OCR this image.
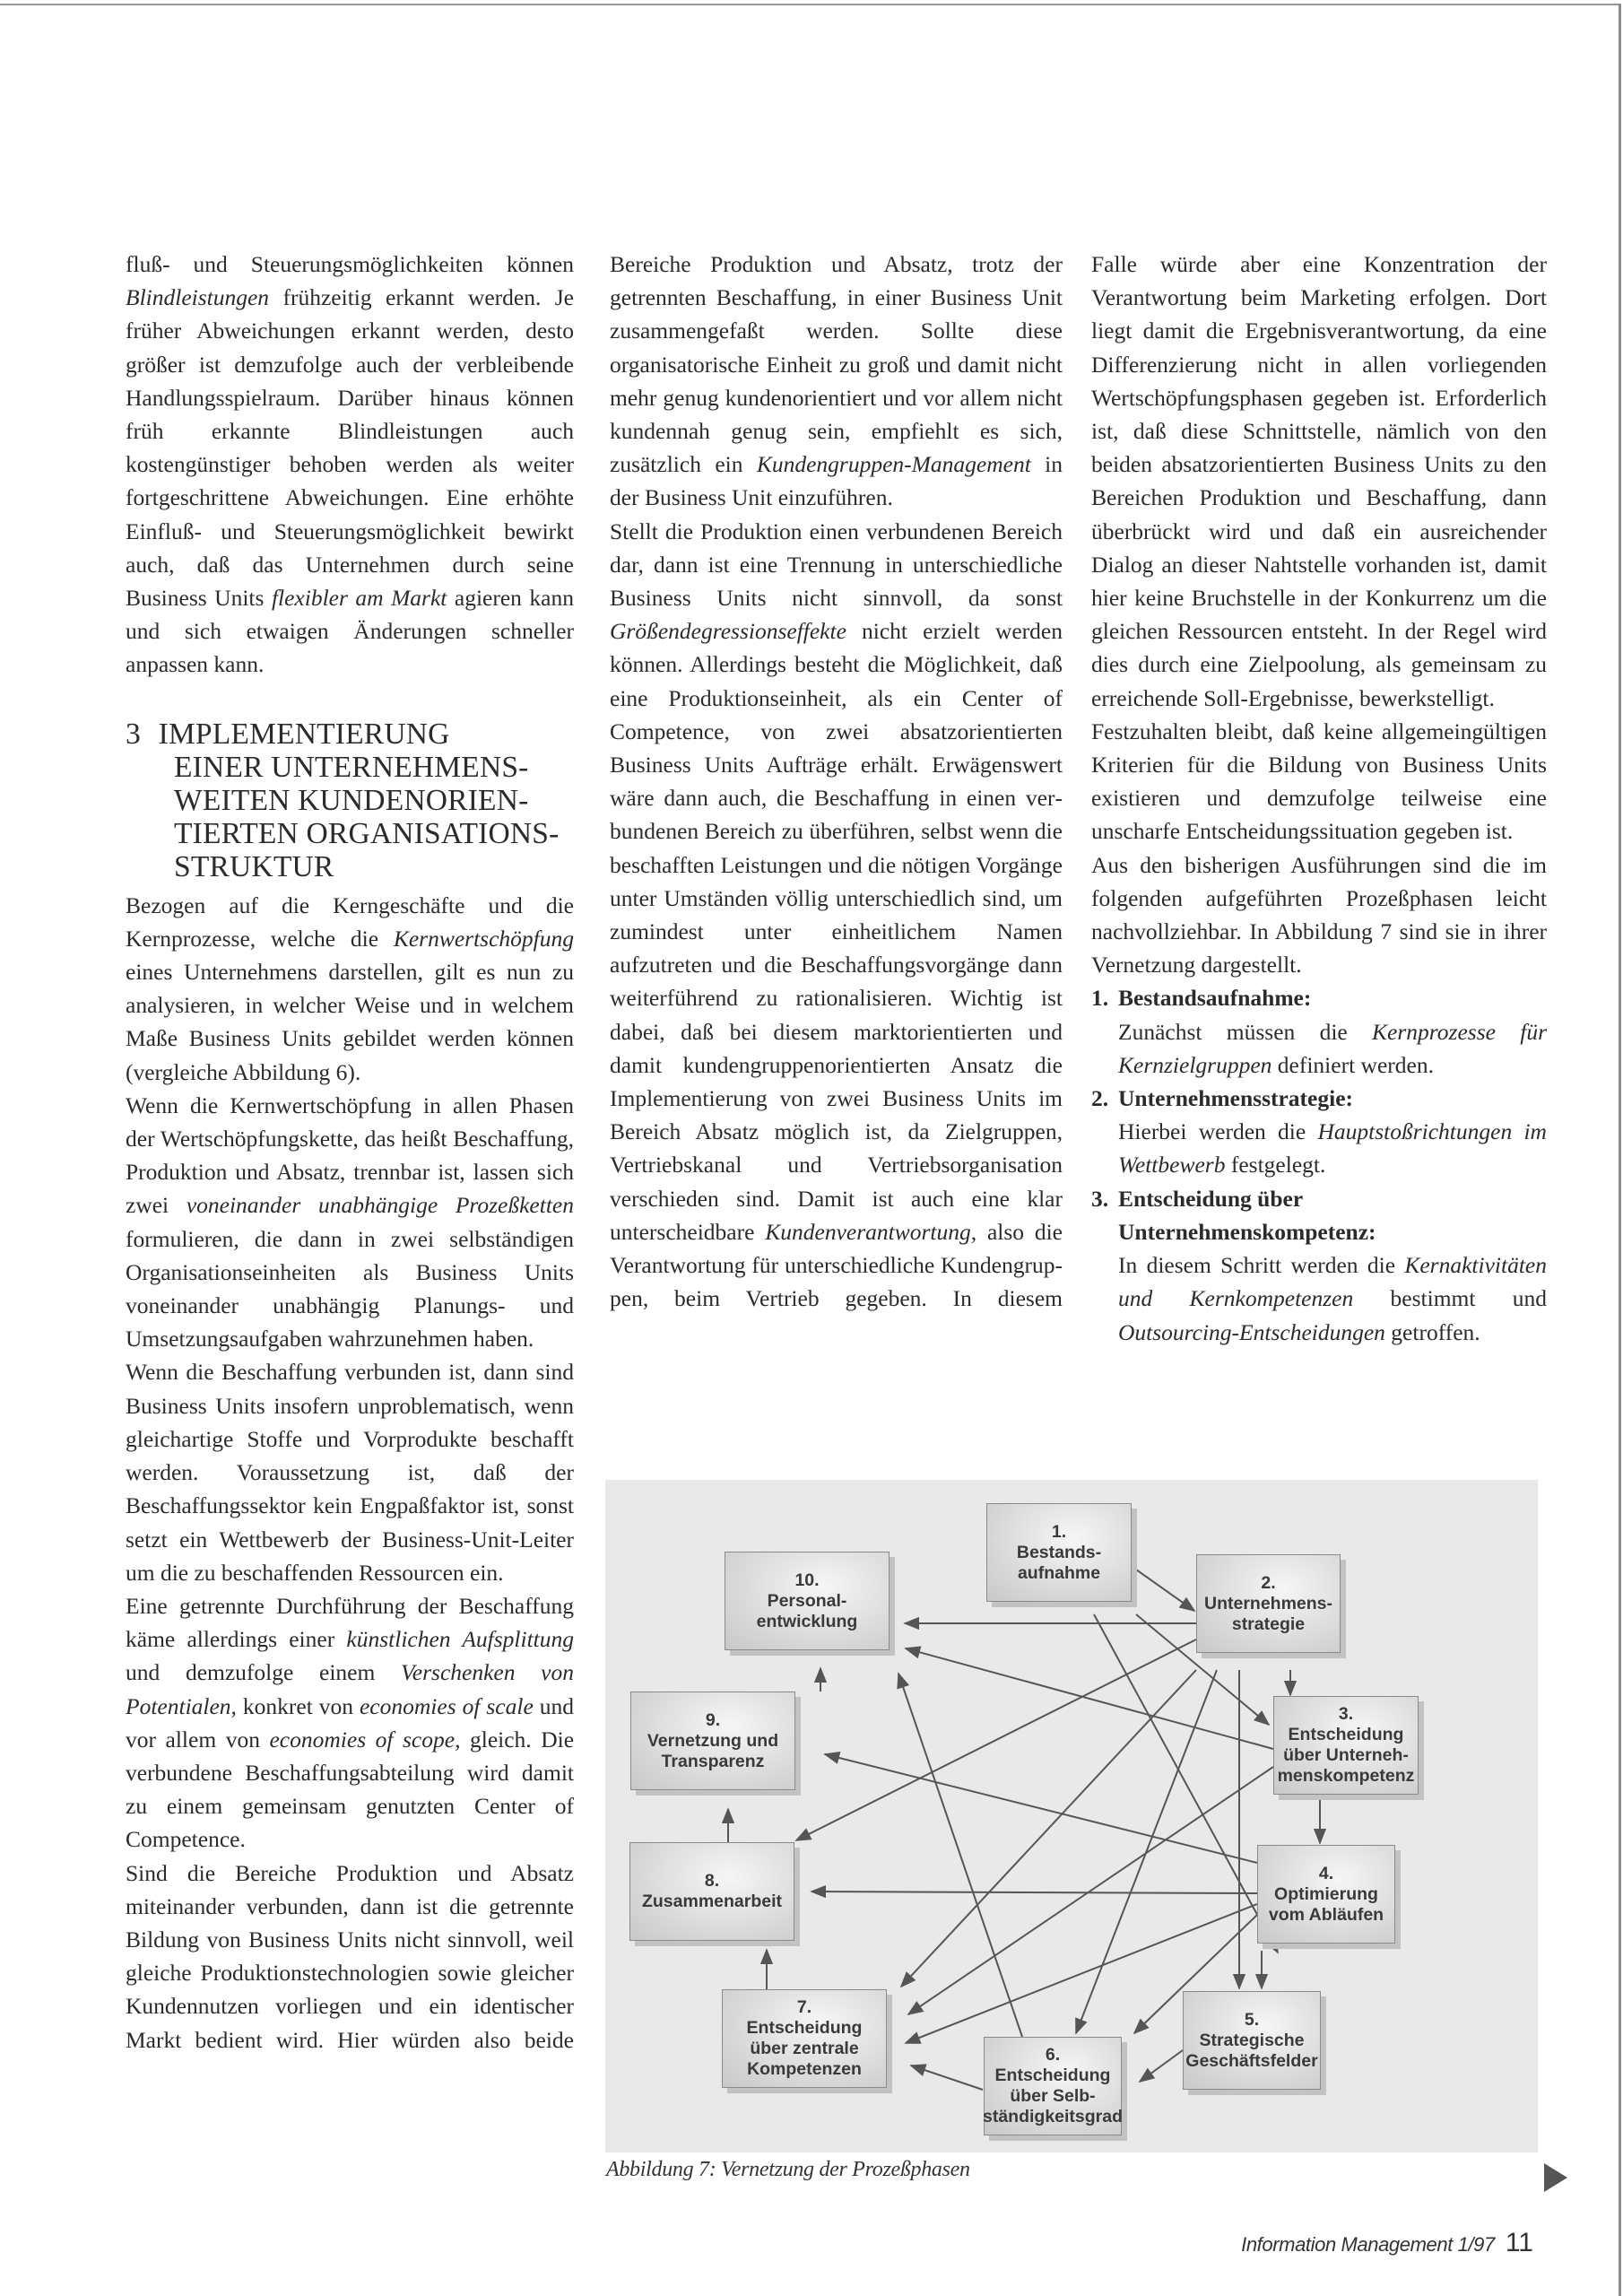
fluß- und Steuerungsmöglichkeiten können Blindleistungen frühzeitig erkannt werden. Je früher Abweichungen erkannt werden, desto größer ist demzufolge auch der verbleibende Handlungsspielraum. Darüber hinaus können früh erkannte Blindleistungen auch kostengünstiger behoben werden als weiter fortgeschrittene Abweichungen. Eine erhöhte Einfluß- und Steuerungsmöglichkeit bewirkt auch, daß das Unternehmen durch seine Business Units flexibler am Markt agieren kann und sich etwaigen Änderungen schneller anpassen kann.

3 IMPLEMENTIERUNG
EINER UNTERNEHMENS-
WEITEN KUNDENORIEN-
TIERTEN ORGANISATIONS-
STRUKTUR

Bezogen auf die Kerngeschäfte und die Kernprozesse, welche die Kernwertschöpfung eines Unternehmens darstellen, gilt es nun zu analysieren, in welcher Weise und in welchem Maße Business Units gebildet werden können (vergleiche Abbildung 6).

Wenn die Kernwertschöpfung in allen Phasen der Wertschöpfungskette, das heißt Beschaffung, Produktion und Absatz, trennbar ist, lassen sich zwei voneinander unabhängige Prozeßketten formulieren, die dann in zwei selbständigen Organisationseinheiten als Business Units voneinander unabhängig Planungs- und Umsetzungsaufgaben wahrzunehmen haben.

Wenn die Beschaffung verbunden ist, dann sind Business Units insofern unproblematisch, wenn gleichartige Stoffe und Vorprodukte beschafft werden. Voraussetzung ist, daß der Beschaffungssektor kein Engpaßfaktor ist, sonst setzt ein Wettbewerb der Business-Unit-Leiter um die zu beschaffenden Ressourcen ein.

Eine getrennte Durchführung der Beschaffung käme allerdings einer künstlichen Aufsplittung und demzufolge einem Verschenken von Potentialen, konkret von economies of scale und vor allem von economies of scope, gleich. Die verbundene Beschaffungsabteilung wird damit zu einem gemeinsam genutzten Center of Competence.

Sind die Bereiche Produktion und Absatz miteinander verbunden, dann ist die getrennte Bildung von Business Units nicht sinnvoll, weil gleiche Produktionstechnologien sowie gleicher Kundennutzen vorliegen und ein identischer Markt bedient wird. Hier würden also beide

Bereiche Produktion und Absatz, trotz der getrennten Beschaffung, in einer Business Unit zusammengefaßt werden. Sollte diese organisatorische Einheit zu groß und damit nicht mehr genug kundenorientiert und vor allem nicht kundennah genug sein, empfiehlt es sich, zusätzlich ein Kundengruppen-Management in der Business Unit einzuführen.

Stellt die Produktion einen verbundenen Bereich dar, dann ist eine Trennung in unterschiedliche Business Units nicht sinnvoll, da sonst Größendegressionseffekte nicht erzielt werden können. Allerdings besteht die Möglichkeit, daß eine Produktionseinheit, als ein Center of Competence, von zwei absatzorientierten Business Units Aufträge erhält. Erwägenswert wäre dann auch, die Beschaffung in einen verbundenen Bereich zu überführen, selbst wenn die beschafften Leistungen und die nötigen Vorgänge unter Umständen völlig unterschiedlich sind, um zumindest unter einheitlichem Namen aufzutreten und die Beschaffungsvorgänge dann weiterführend zu rationalisieren. Wichtig ist dabei, daß bei diesem marktorientierten und damit kundengruppenorientierten Ansatz die Implementierung von zwei Business Units im Bereich Absatz möglich ist, da Zielgruppen, Vertriebskanal und Vertriebsorganisation verschieden sind. Damit ist auch eine klar unterscheidbare Kundenverantwortung, also die Verantwortung für unterschiedliche Kundengruppen, beim Vertrieb gegeben. In diesem

Falle würde aber eine Konzentration der Verantwortung beim Marketing erfolgen. Dort liegt damit die Ergebnisverantwortung, da eine Differenzierung nicht in allen vorliegenden Wertschöpfungsphasen gegeben ist. Erforderlich ist, daß diese Schnittstelle, nämlich von den beiden absatzorientierten Business Units zu den Bereichen Produktion und Beschaffung, dann überbrückt wird und daß ein ausreichender Dialog an dieser Nahtstelle vorhanden ist, damit hier keine Bruchstelle in der Konkurrenz um die gleichen Ressourcen entsteht. In der Regel wird dies durch eine Zielpoolung, als gemeinsam zu erreichende Soll-Ergebnisse, bewerkstelligt.

Festzuhalten bleibt, daß keine allgemeingültigen Kriterien für die Bildung von Business Units existieren und demzufolge teilweise eine unscharfe Entscheidungssituation gegeben ist.

Aus den bisherigen Ausführungen sind die im folgenden aufgeführten Prozeßphasen leicht nachvollziehbar. In Abbildung 7 sind sie in ihrer Vernetzung dargestellt.

1. Bestandsaufnahme:
Zunächst müssen die Kernprozesse für Kernzielgruppen definiert werden.
2. Unternehmensstrategie:
Hierbei werden die Hauptstoßrichtungen im Wettbewerb festgelegt.
3. Entscheidung über
Unternehmenskompetenz:
In diesem Schritt werden die Kernaktivitäten und Kernkompetenzen bestimmt und Outsourcing-Entscheidungen getroffen.
1.
Bestands-
aufnahme	2.
Unternehmens-
strategie
3.
Entscheidung
über Unterneh-
menskompetenz
4.
Optimierung
vom Abläufen
5.
Strategische
Geschäftsfelder
6.
Entscheidung
über Selb-
ständigkeitsgrad
7.
Entscheidung
über zentrale
Kompetenzen
8.
Zusammenarbeit
9.
Vernetzung und
Transparenz
10.
Personal-
entwicklung
Abbildung 7: Vernetzung der Prozeßphasen
Information Management 1/97 11
